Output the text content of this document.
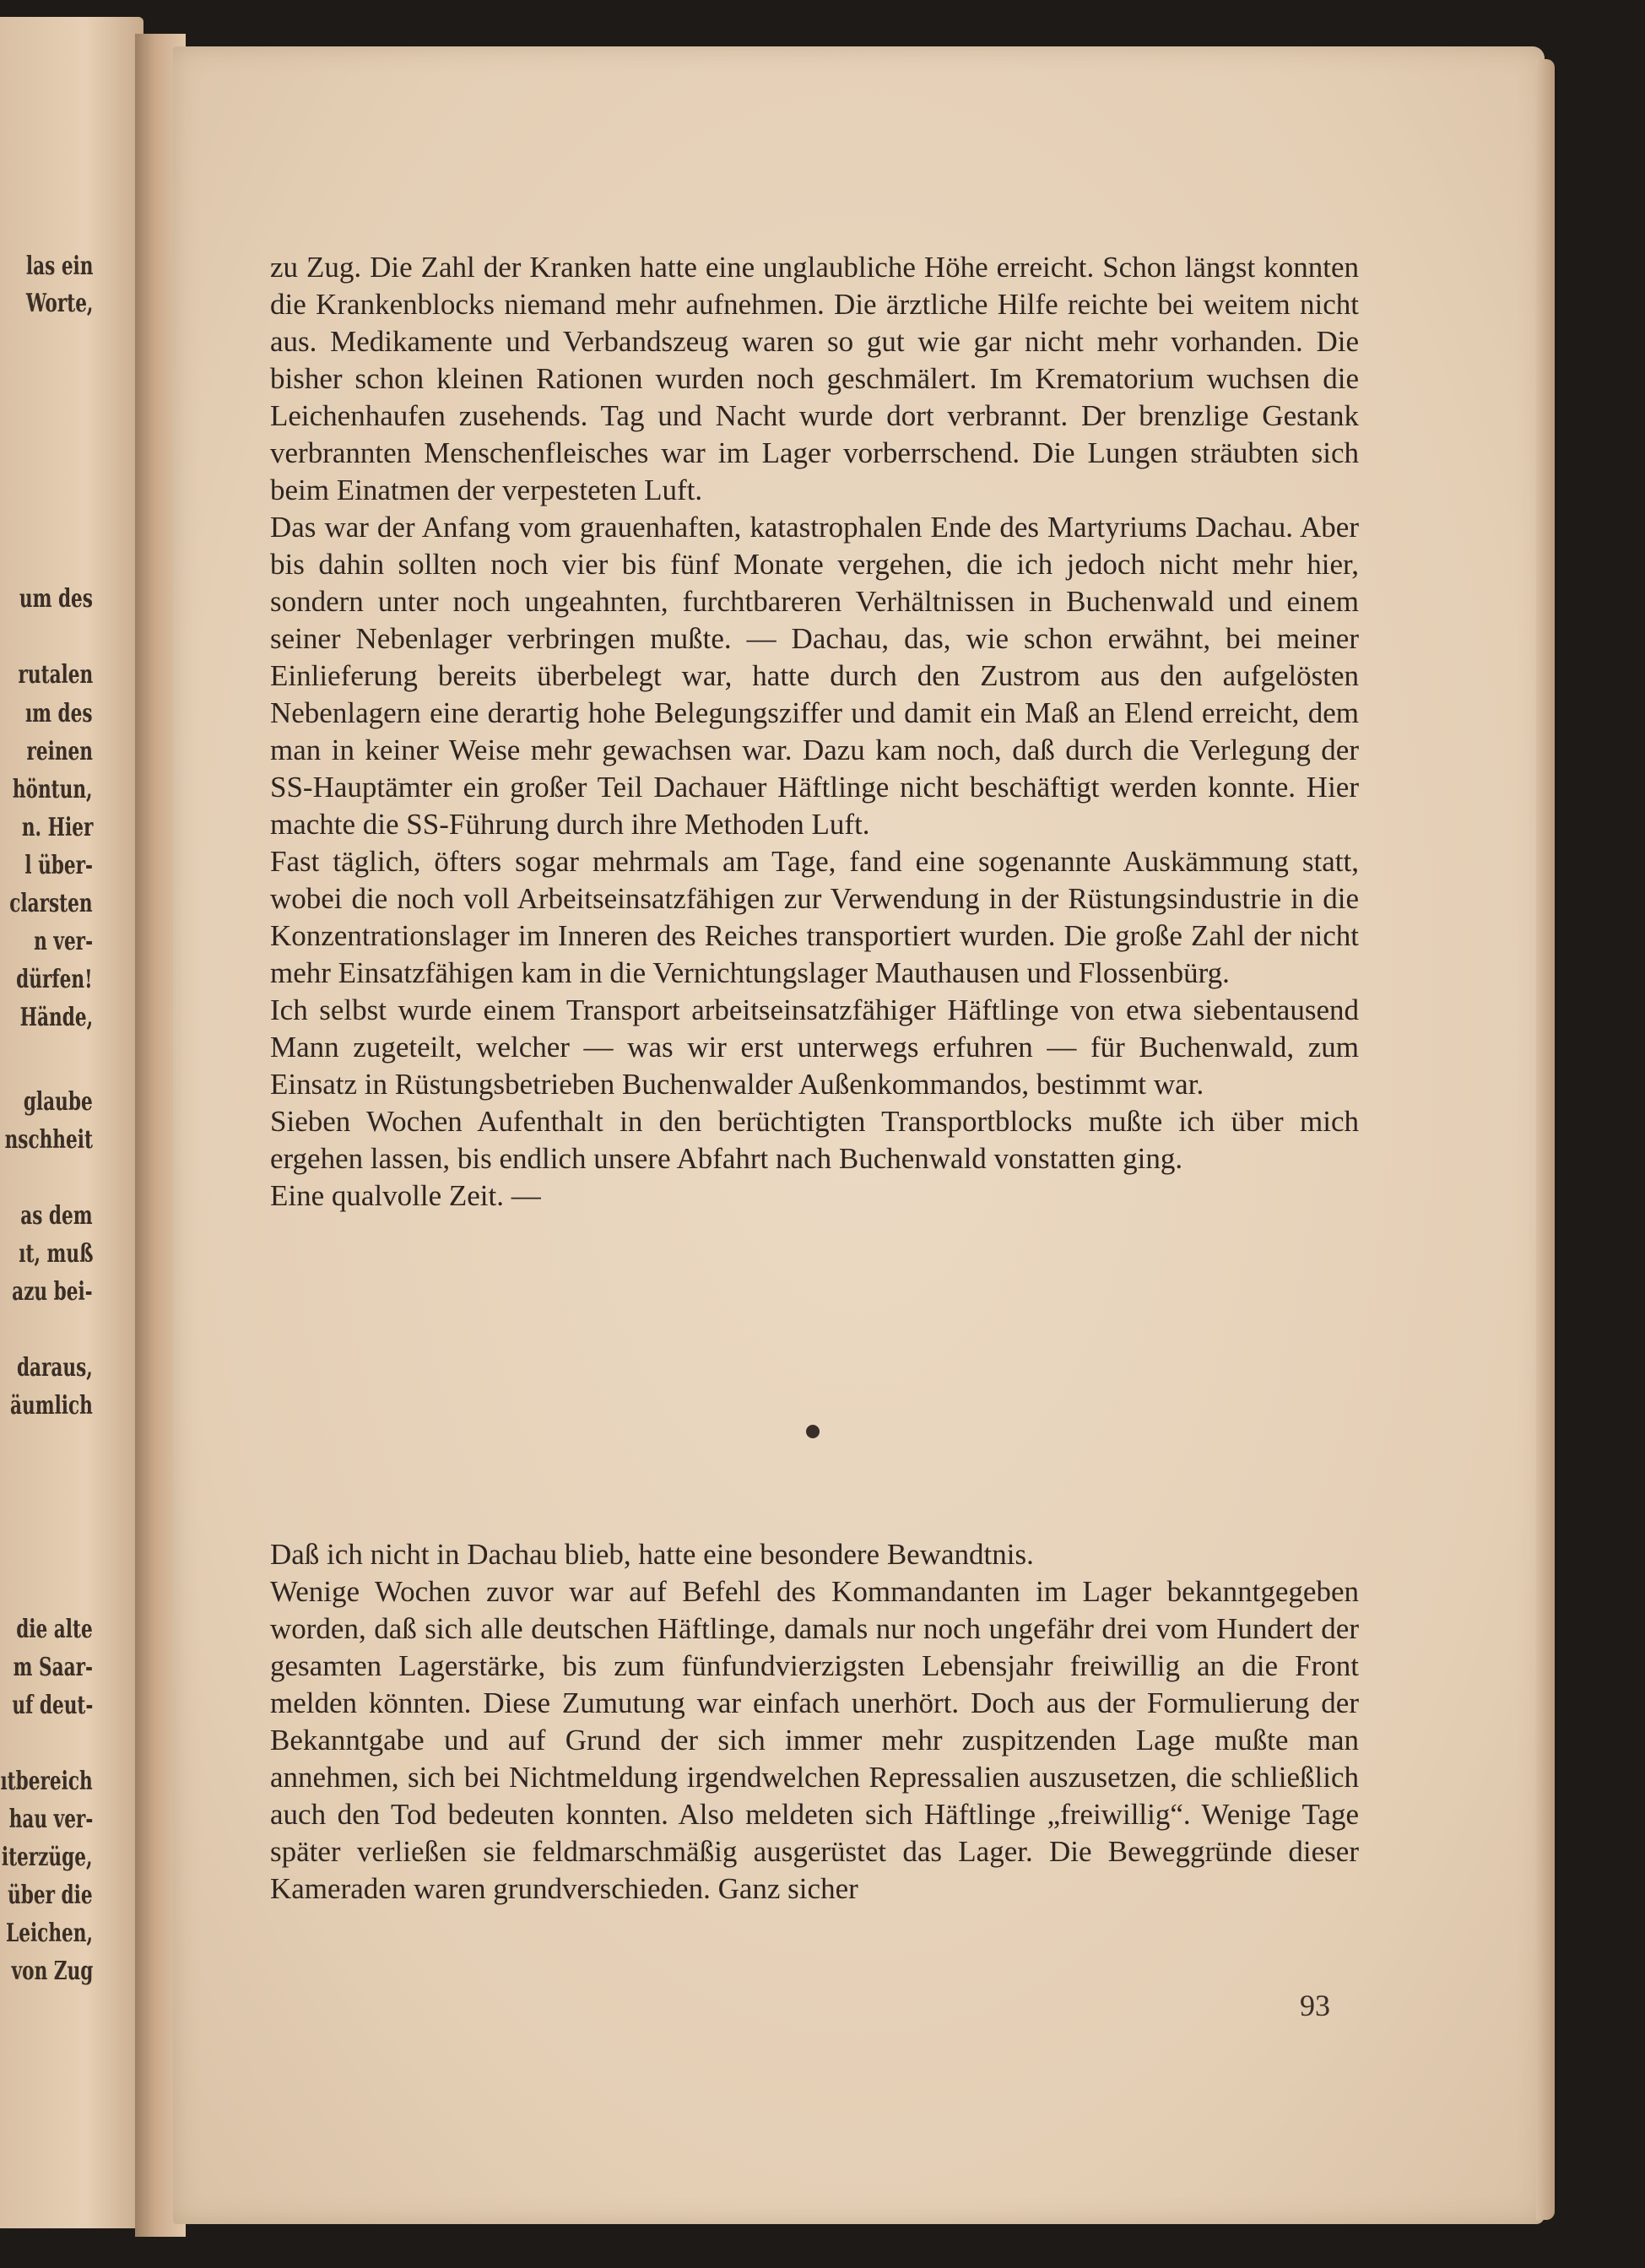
las ein
Worte,
um des
rutalen
ım des
reinen
höntun,
n. Hier
l über-
clarsten
n ver-
dürfen!
Hände,
glaube
nschheit
as dem
ıt, muß
azu bei-
daraus,
äumlich
die alte
m Saar-
uf deut-
ıtbereich
hau ver-
iterzüge,
über die
Leichen,
von Zug

zu Zug. Die Zahl der Kranken hatte eine unglaubliche Höhe erreicht. Schon längst konnten die Krankenblocks niemand mehr aufnehmen. Die ärztliche Hilfe reichte bei weitem nicht aus. Medikamente und Verbandszeug waren so gut wie gar nicht mehr vorhanden. Die bisher schon kleinen Rationen wurden noch geschmälert. Im Krematorium wuchsen die Leichenhaufen zusehends. Tag und Nacht wurde dort verbrannt. Der brenzlige Gestank verbrannten Menschenfleisches war im Lager vorberrschend. Die Lungen sträubten sich beim Einatmen der verpesteten Luft.

Das war der Anfang vom grauenhaften, katastrophalen Ende des Martyriums Dachau. Aber bis dahin sollten noch vier bis fünf Monate vergehen, die ich jedoch nicht mehr hier, sondern unter noch ungeahnten, furchtbareren Verhältnissen in Buchenwald und einem seiner Nebenlager verbringen mußte. — Dachau, das, wie schon erwähnt, bei meiner Einlieferung bereits überbelegt war, hatte durch den Zustrom aus den aufgelösten Nebenlagern eine derartig hohe Belegungsziffer und damit ein Maß an Elend erreicht, dem man in keiner Weise mehr gewachsen war. Dazu kam noch, daß durch die Verlegung der SS-Hauptämter ein großer Teil Dachauer Häftlinge nicht beschäftigt werden konnte. Hier machte die SS-Führung durch ihre Methoden Luft.

Fast täglich, öfters sogar mehrmals am Tage, fand eine sogenannte Auskämmung statt, wobei die noch voll Arbeitseinsatzfähigen zur Verwendung in der Rüstungsindustrie in die Konzentrationslager im Inneren des Reiches transportiert wurden. Die große Zahl der nicht mehr Einsatzfähigen kam in die Vernichtungslager Mauthausen und Flossenbürg.

Ich selbst wurde einem Transport arbeitseinsatzfähiger Häftlinge von etwa siebentausend Mann zugeteilt, welcher — was wir erst unterwegs erfuhren — für Buchenwald, zum Einsatz in Rüstungsbetrieben Buchenwalder Außenkommandos, bestimmt war.

Sieben Wochen Aufenthalt in den berüchtigten Transportblocks mußte ich über mich ergehen lassen, bis endlich unsere Abfahrt nach Buchenwald vonstatten ging.

Eine qualvolle Zeit. —

Daß ich nicht in Dachau blieb, hatte eine besondere Bewandtnis.

Wenige Wochen zuvor war auf Befehl des Kommandanten im Lager bekanntgegeben worden, daß sich alle deutschen Häftlinge, damals nur noch ungefähr drei vom Hundert der gesamten Lagerstärke, bis zum fünfundvierzigsten Lebensjahr freiwillig an die Front melden könnten. Diese Zumutung war einfach unerhört. Doch aus der Formulierung der Bekanntgabe und auf Grund der sich immer mehr zuspitzenden Lage mußte man annehmen, sich bei Nichtmeldung irgendwelchen Repressalien auszusetzen, die schließlich auch den Tod bedeuten konnten. Also meldeten sich Häftlinge „freiwillig“. Wenige Tage später verließen sie feldmarschmäßig ausgerüstet das Lager. Die Beweggründe dieser Kameraden waren grundverschieden. Ganz sicher

93
